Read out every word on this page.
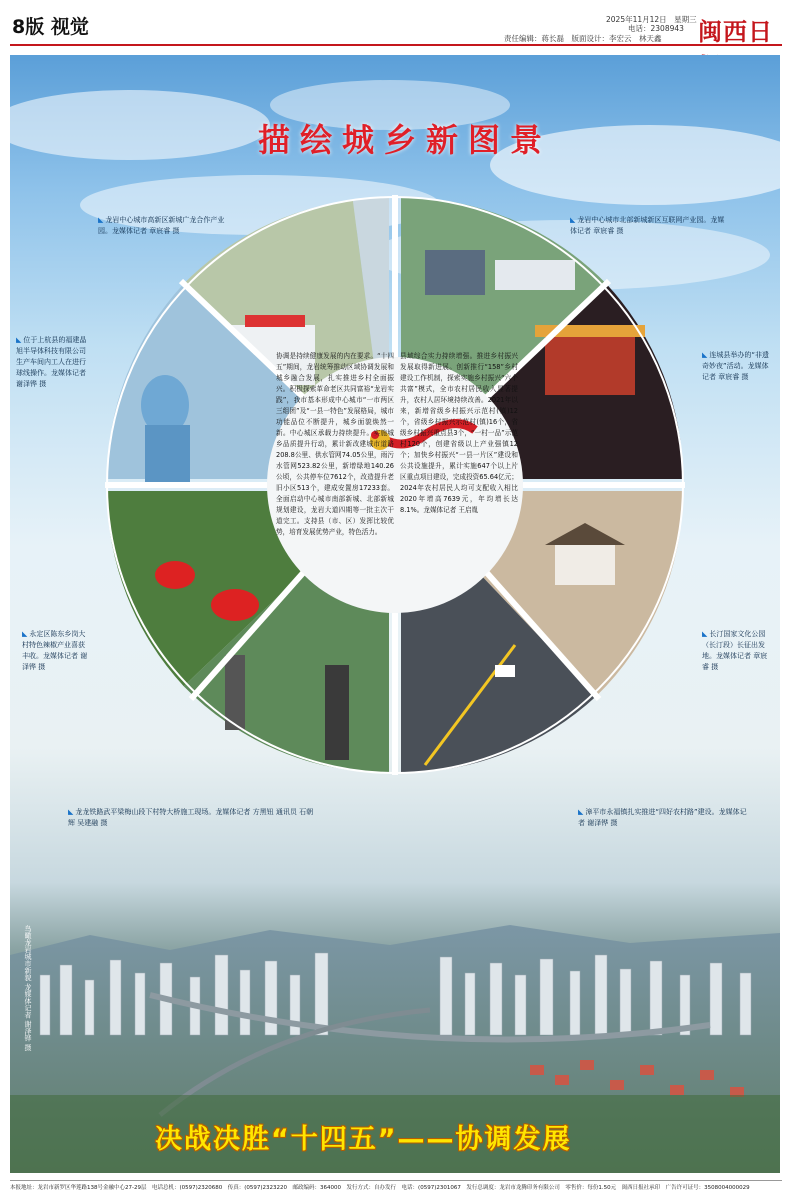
8版 视觉	2025年11月12日　星期三
电话：2308943
责任编辑：蒋长磊　版面设计：李宏云　林天鑫 闽西日
描绘城乡新图景
◣ 龙岩中心城市高新区新城广龙合作产业园。龙媒体记者 章宸睿 摄
◣ 龙岩中心城市北部新城新区互联网产业园。龙媒体记者 章宸睿 摄
◣ 位于上杭县的福建晶旭半导体科技有限公司生产车间内工人在进行球线操作。龙媒体记者 谢泽铧 摄
◣ 连城县举办的“非遗奇妙夜”活动。龙媒体记者 章宸睿 摄
◣ 永定区陈东乡岗大村特色辣椒产业喜获丰收。龙媒体记者 谢泽铧 摄
◣ 长汀国家文化公园（长汀段）长征出发地。龙媒体记者 章宸睿 摄
◣ 龙龙铁路武平梁梅山段下村特大桥施工现场。龙媒体记者 方黑钮 通讯员 石朝辉 吴建融 摄
◣ 漳平市永福镇扎实推进“四好农村路”建设。龙媒体记者 谢泽铧 摄
协调是持续健康发展的内在要求。“十四五”期间，龙岩统筹推动区域协调发展和城乡融合发展，扎实推进乡村全面振兴。积极探索革命老区共同富裕“龙岩实践”，我市基本形成中心城市“一市两区三组团”及“一县一特色”发展格局，城市功能品位不断提升，城乡面貌焕然一新。中心城区承载力持续提升。实施城乡品质提升行动，累计新改建城市道路208.8公里、供水管网74.05公里，雨污水管网523.82公里，新增绿地140.26公顷，公共停车位7612个，改造提升老旧小区513个，建成安置房17233套。全面启动中心城市南部新城、北部新城规划建设，龙岩大道四期等一批主次干道完工。支持县（市、区）发挥比较优势，培育发展优势产业，特色活力。
县域综合实力持续增强。推进乡村振兴发展取得新进展。创新推行“158”乡村建设工作机制，探索实施乡村振兴“六个共富”模式，全市农村居民收入显著提升，农村人居环境持续改善。2021年以来，新增省级乡村振兴示范村(镇)12个，省级乡村振兴示范村(镇)16个，省级乡村振兴重点县3个，“一村一品”示范村120个，创建省级以上产业强镇12个；加快乡村振兴“一县一片区”建设和公共设施提升，累计实施647个以上片区重点项目建设，完成投资65.64亿元；2024年农村居民人均可支配收入相比2020年增高7639元，年均增长达8.1%。龙媒体记者 王启胤
鸟瞰龙岩城市新貌 龙媒体记者 谢泽铧 摄
决战决胜“十四五”——协调发展
本报地址：龙岩市新罗区华莲路138号金融中心27-29层　电话总机：(0597)2320680　传真：(0597)2323220　邮政编码：364000　发行方式：自办发行　电话：(0597)2301067　发行总调度：龙岩市龙腾印务有限公司　零售价：每份1.50元　闽西日报社承印　广告许可证号：3508004000029
